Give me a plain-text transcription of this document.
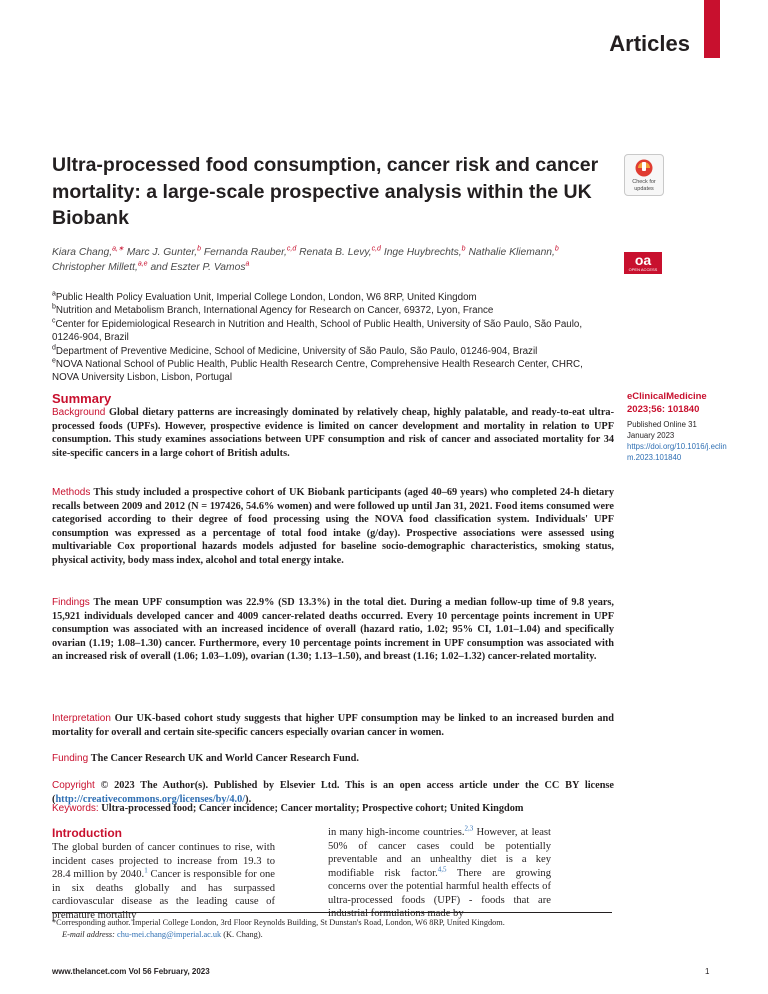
Articles
Ultra-processed food consumption, cancer risk and cancer mortality: a large-scale prospective analysis within the UK Biobank
Check for
updates
Kiara Chang,$^{a,∗}$ Marc J. Gunter,$^b$ Fernanda Rauber,$^{c,d}$ Renata B. Levy,$^{c,d}$ Inge Huybrechts,$^b$ Nathalie Kliemann,$^b$ Christopher Millett,$^{a,e}$ and Eszter P. Vamos$^a$	oa
OPEN ACCESS
$^a$Public Health Policy Evaluation Unit, Imperial College London, London, W6 8RP, United Kingdom
$^b$Nutrition and Metabolism Branch, International Agency for Research on Cancer, 69372, Lyon, France
$^c$Center for Epidemiological Research in Nutrition and Health, School of Public Health, University of São Paulo, São Paulo, 01246-904, Brazil
$^d$Department of Preventive Medicine, School of Medicine, University of São Paulo, São Paulo, 01246-904, Brazil
$^e$NOVA National School of Public Health, Public Health Research Centre, Comprehensive Health Research Center, CHRC, NOVA University Lisbon, Lisbon, Portugal
eClinicalMedicine
2023;56: 101840
Published Online 31 January 2023
https://doi.org/10.1016/j.eclinm.2023.101840
Summary

Background Global dietary patterns are increasingly dominated by relatively cheap, highly palatable, and ready-to-eat ultra-processed foods (UPFs). However, prospective evidence is limited on cancer development and mortality in relation to UPF consumption. This study examines associations between UPF consumption and risk of cancer and associated mortality for 34 site-specific cancers in a large cohort of British adults.

Methods This study included a prospective cohort of UK Biobank participants (aged 40–69 years) who completed 24-h dietary recalls between 2009 and 2012 (N = 197426, 54.6% women) and were followed up until Jan 31, 2021. Food items consumed were categorised according to their degree of food processing using the NOVA food classification system. Individuals' UPF consumption was expressed as a percentage of total food intake (g/day). Prospective associations were assessed using multivariable Cox proportional hazards models adjusted for baseline socio-demographic characteristics, smoking status, physical activity, body mass index, alcohol and total energy intake.

Findings The mean UPF consumption was 22.9% (SD 13.3%) in the total diet. During a median follow-up time of 9.8 years, 15,921 individuals developed cancer and 4009 cancer-related deaths occurred. Every 10 percentage points increment in UPF consumption was associated with an increased incidence of overall (hazard ratio, 1.02; 95% CI, 1.01–1.04) and specifically ovarian (1.19; 1.08–1.30) cancer. Furthermore, every 10 percentage points increment in UPF consumption was associated with an increased risk of overall (1.06; 1.03–1.09), ovarian (1.30; 1.13–1.50), and breast (1.16; 1.02–1.32) cancer-related mortality.

Interpretation Our UK-based cohort study suggests that higher UPF consumption may be linked to an increased burden and mortality for overall and certain site-specific cancers especially ovarian cancer in women.

Funding The Cancer Research UK and World Cancer Research Fund.

Copyright © 2023 The Author(s). Published by Elsevier Ltd. This is an open access article under the CC BY license (http://creativecommons.org/licenses/by/4.0/).

Keywords: Ultra-processed food; Cancer incidence; Cancer mortality; Prospective cohort; United Kingdom

Introduction

The global burden of cancer continues to rise, with incident cases projected to increase from 19.3 to 28.4 million by 2040.$^1$ Cancer is responsible for one in six deaths globally and has surpassed cardiovascular disease as the leading cause of premature mortality

in many high-income countries.$^{2,3}$ However, at least 50% of cancer cases could be potentially preventable and an unhealthy diet is a key modifiable risk factor.$^{4,5}$ There are growing concerns over the potential harmful health effects of ultra-processed foods (UPF) - foods that are industrial formulations made by

*Corresponding author. Imperial College London, 3rd Floor Reynolds Building, St Dunstan's Road, London, W6 8RP, United Kingdom.
E-mail address: chu-mei.chang@imperial.ac.uk (K. Chang).
www.thelancet.com Vol 56 February, 2023	1
